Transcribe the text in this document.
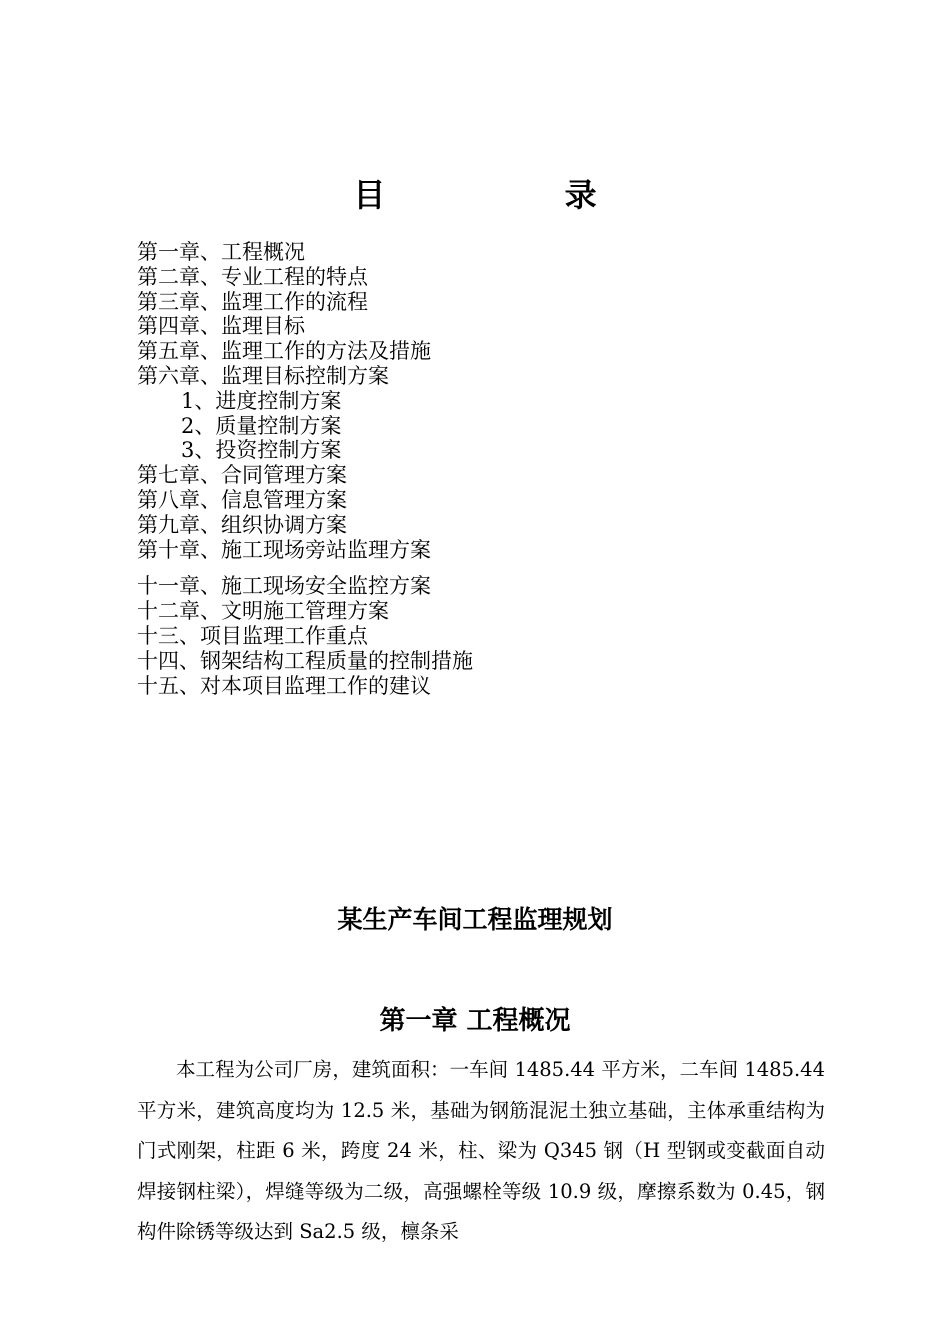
目 录
第一章、工程概况
第二章、专业工程的特点
第三章、监理工作的流程
第四章、监理目标
第五章、监理工作的方法及措施
第六章、监理目标控制方案
1、进度控制方案
2、质量控制方案
3、投资控制方案
第七章、合同管理方案
第八章、信息管理方案
第九章、组织协调方案
第十章、施工现场旁站监理方案
十一章、施工现场安全监控方案
十二章、文明施工管理方案
十三、项目监理工作重点
十四、钢架结构工程质量的控制措施
十五、对本项目监理工作的建议
某生产车间工程监理规划
第一章 工程概况

本工程为公司厂房，建筑面积：一车间 1485.44 平方米，二车间 1485.44 平方米，建筑高度均为 12.5 米，基础为钢筋混泥土独立基础，主体承重结构为门式刚架，柱距 6 米，跨度 24 米，柱、梁为 Q345 钢（H 型钢或变截面自动焊接钢柱梁），焊缝等级为二级，高强螺栓等级 10.9 级，摩擦系数为 0.45，钢构件除锈等级达到 Sa2.5 级，檩条采
